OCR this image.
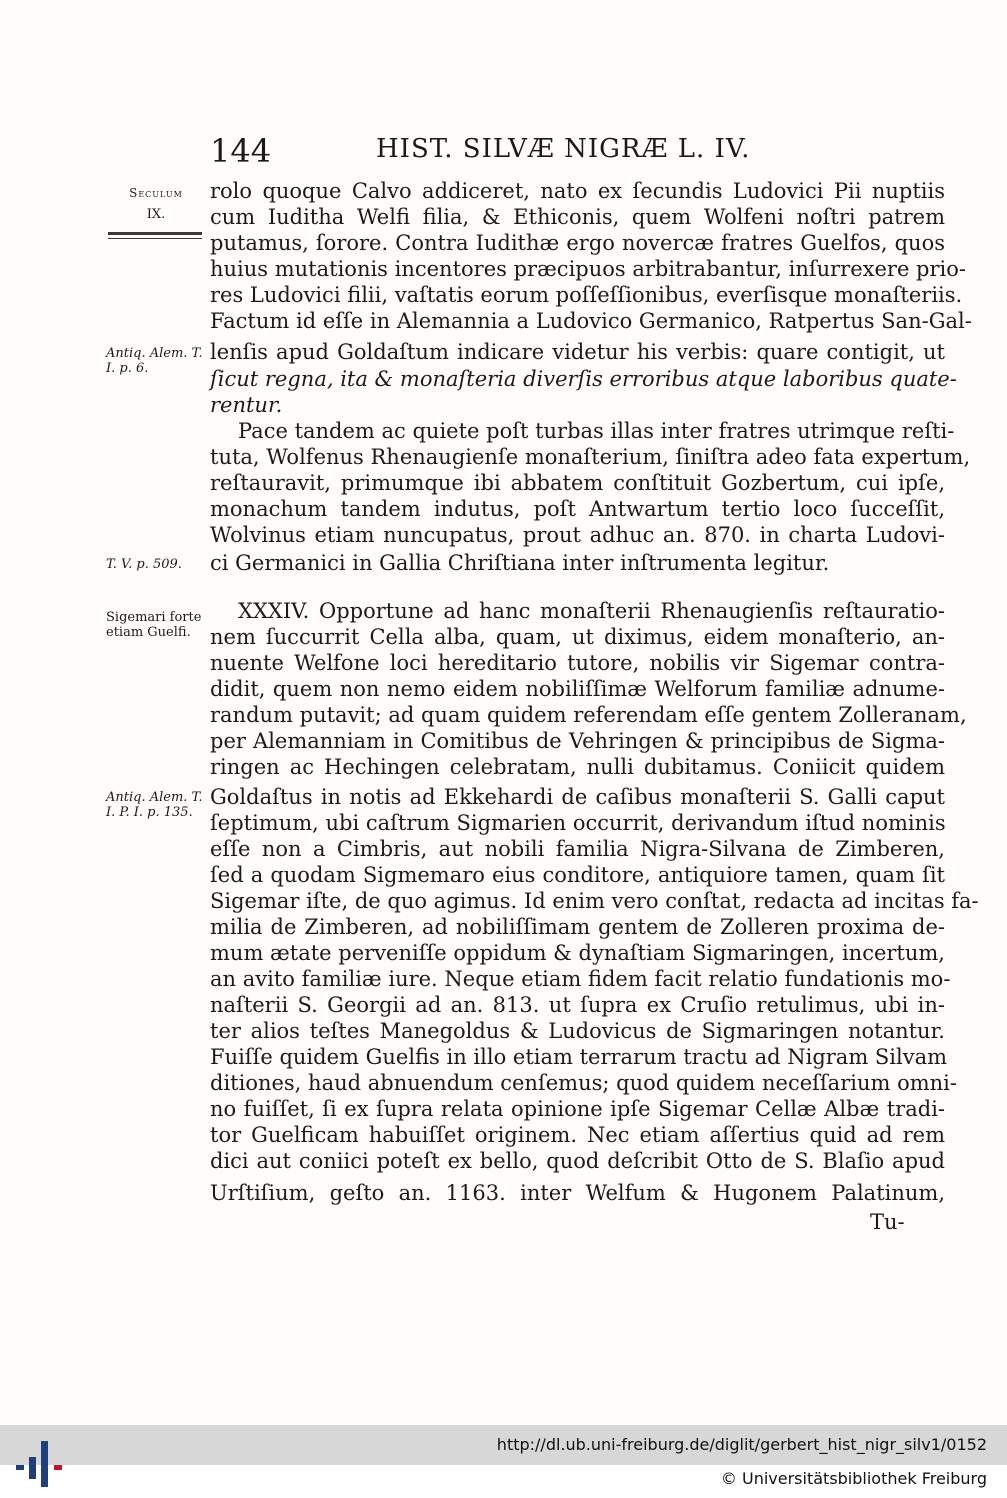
144	HIST. SILVÆ NIGRÆ L. IV.
Seculum
IX.
Antiq. Alem. T. I. p. 6.
T. V. p. 509.
Sigemari forte etiam Guelfi.
Antiq. Alem. T. I. P. I. p. 135.
rolo quoque Calvo addiceret, nato ex ſecundis Ludovici Pii nuptiis
cum Iuditha Welfi filia, & Ethiconis, quem Wolfeni noſtri patrem
putamus, ſorore. Contra Iudithæ ergo novercæ fratres Guelfos, quos
huius mutationis incentores præcipuos arbitrabantur, inſurrexere prio-
res Ludovici filii, vaſtatis eorum poſſeſſionibus, everſisque monaſteriis.
Factum id eſſe in Alemannia a Ludovico Germanico, Ratpertus San-Gal-
lenſis apud Goldaſtum indicare videtur his verbis: quare contigit, ut
ſicut regna, ita & monaſteria diverſis erroribus atque laboribus quate-
rentur.
Pace tandem ac quiete poſt turbas illas inter fratres utrimque reſti-
tuta, Wolfenus Rhenaugienſe monaſterium, ſiniſtra adeo fata expertum,
reſtauravit, primumque ibi abbatem conſtituit Gozbertum, cui ipſe,
monachum tandem indutus, poſt Antwartum tertio loco ſucceſſit,
Wolvinus etiam nuncupatus, prout adhuc an. 870. in charta Ludovi-
ci Germanici in Gallia Chriſtiana inter inſtrumenta legitur.
XXXIV. Opportune ad hanc monaſterii Rhenaugienſis reſtauratio-
nem ſuccurrit Cella alba, quam, ut diximus, eidem monaſterio, an-
nuente Welfone loci hereditario tutore, nobilis vir Sigemar contra-
didit, quem non nemo eidem nobiliſſimæ Welforum familiæ adnume-
randum putavit; ad quam quidem referendam eſſe gentem Zolleranam,
per Alemanniam in Comitibus de Vehringen & principibus de Sigma-
ringen ac Hechingen celebratam, nulli dubitamus. Coniicit quidem
Goldaſtus in notis ad Ekkehardi de caſibus monaſterii S. Galli caput
ſeptimum, ubi caſtrum Sigmarien occurrit, derivandum iſtud nominis
eſſe non a Cimbris, aut nobili familia Nigra-Silvana de Zimberen,
ſed a quodam Sigmemaro eius conditore, antiquiore tamen, quam ſit
Sigemar iſte, de quo agimus. Id enim vero conſtat, redacta ad incitas fa-
milia de Zimberen, ad nobiliſſimam gentem de Zolleren proxima de-
mum ætate perveniſſe oppidum & dynaſtiam Sigmaringen, incertum,
an avito familiæ iure. Neque etiam fidem facit relatio fundationis mo-
naſterii S. Georgii ad an. 813. ut ſupra ex Cruſio retulimus, ubi in-
ter alios teſtes Manegoldus & Ludovicus de Sigmaringen notantur.
Fuiſſe quidem Guelfis in illo etiam terrarum tractu ad Nigram Silvam
ditiones, haud abnuendum cenſemus; quod quidem neceſſarium omni-
no fuiſſet, ſi ex ſupra relata opinione ipſe Sigemar Cellæ Albæ tradi-
tor Guelficam habuiſſet originem. Nec etiam aſſertius quid ad rem
dici aut coniici poteſt ex bello, quod deſcribit Otto de S. Blaſio apud
Urſtiſium, geſto an. 1163. inter Welfum & Hugonem Palatinum,
Tu-
http://dl.ub.uni-freiburg.de/diglit/gerbert_hist_nigr_silv1/0152
© Universitätsbibliothek Freiburg
